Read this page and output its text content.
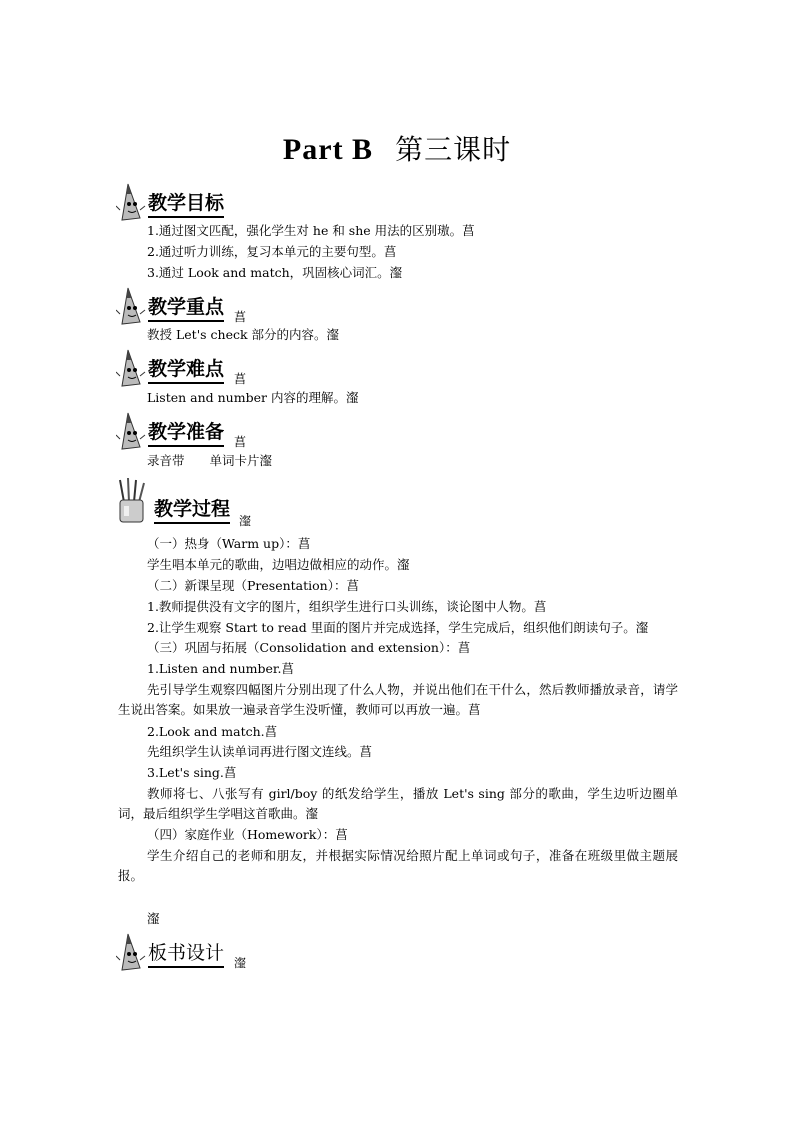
Part B 第三课时
教学目标
1.通过图文匹配，强化学生对 he 和 she 用法的区别璈。菖
2.通过听力训练，复习本单元的主要句型。菖
3.通过 Look and match，巩固核心词汇。瀣
教学重点 菖
教授 Let's check 部分的内容。瀣
教学难点 菖
Listen and number 内容的理解。瀣
教学准备 菖
录音带　　单词卡片瀣
教学过程
瀣
（一）热身（Warm up）：菖
学生唱本单元的歌曲，边唱边做相应的动作。瀣
（二）新课呈现（Presentation）：菖
1.教师提供没有文字的图片，组织学生进行口头训练，谈论图中人物。菖
2.让学生观察 Start to read 里面的图片并完成选择，学生完成后，组织他们朗读句子。瀣
（三）巩固与拓展（Consolidation and extension）：菖
1.Listen and number.菖
先引导学生观察四幅图片分别出现了什么人物，并说出他们在干什么，然后教师播放录音，请学生说出答案。如果放一遍录音学生没听懂，教师可以再放一遍。菖
2.Look and match.菖
先组织学生认读单词再进行图文连线。菖
3.Let's sing.菖
教师将七、八张写有 girl/boy 的纸发给学生，播放 Let's sing 部分的歌曲，学生边听边圈单词，最后组织学生学唱这首歌曲。瀣
（四）家庭作业（Homework）：菖
学生介绍自己的老师和朋友，并根据实际情况给照片配上单词或句子，准备在班级里做主题展报。
瀣
板书设计 瀣
